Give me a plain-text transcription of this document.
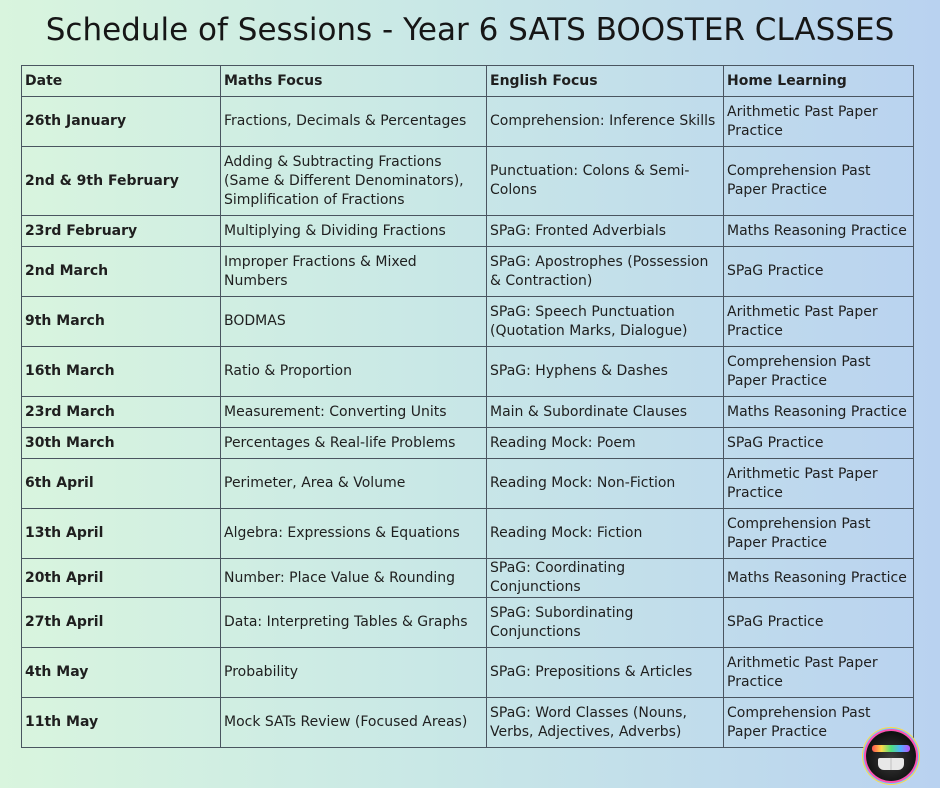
Schedule of Sessions - Year 6 SATS BOOSTER CLASSES
Date	Maths Focus	English Focus	Home Learning
26th January	Fractions, Decimals & Percentages	Comprehension: Inference Skills	Arithmetic Past Paper Practice
2nd & 9th February	Adding & Subtracting Fractions (Same & Different Denominators), Simplification of Fractions	Punctuation: Colons & Semi-Colons	Comprehension Past Paper Practice
23rd February	Multiplying & Dividing Fractions	SPaG: Fronted Adverbials	Maths Reasoning Practice
2nd March	Improper Fractions & Mixed Numbers	SPaG: Apostrophes (Possession & Contraction)	SPaG Practice
9th March	BODMAS	SPaG: Speech Punctuation (Quotation Marks, Dialogue)	Arithmetic Past Paper Practice
16th March	Ratio & Proportion	SPaG: Hyphens & Dashes	Comprehension Past Paper Practice
23rd March	Measurement: Converting Units	Main & Subordinate Clauses	Maths Reasoning Practice
30th March	Percentages & Real-life Problems	Reading Mock: Poem	SPaG Practice
6th April	Perimeter, Area & Volume	Reading Mock: Non-Fiction	Arithmetic Past Paper Practice
13th April	Algebra: Expressions & Equations	Reading Mock: Fiction	Comprehension Past Paper Practice
20th April	Number: Place Value & Rounding	SPaG: Coordinating Conjunctions	Maths Reasoning Practice
27th April	Data: Interpreting Tables & Graphs	SPaG: Subordinating Conjunctions	SPaG Practice
4th May	Probability	SPaG: Prepositions & Articles	Arithmetic Past Paper Practice
11th May	Mock SATs Review (Focused Areas)	SPaG: Word Classes (Nouns, Verbs, Adjectives, Adverbs)	Comprehension Past Paper Practice
